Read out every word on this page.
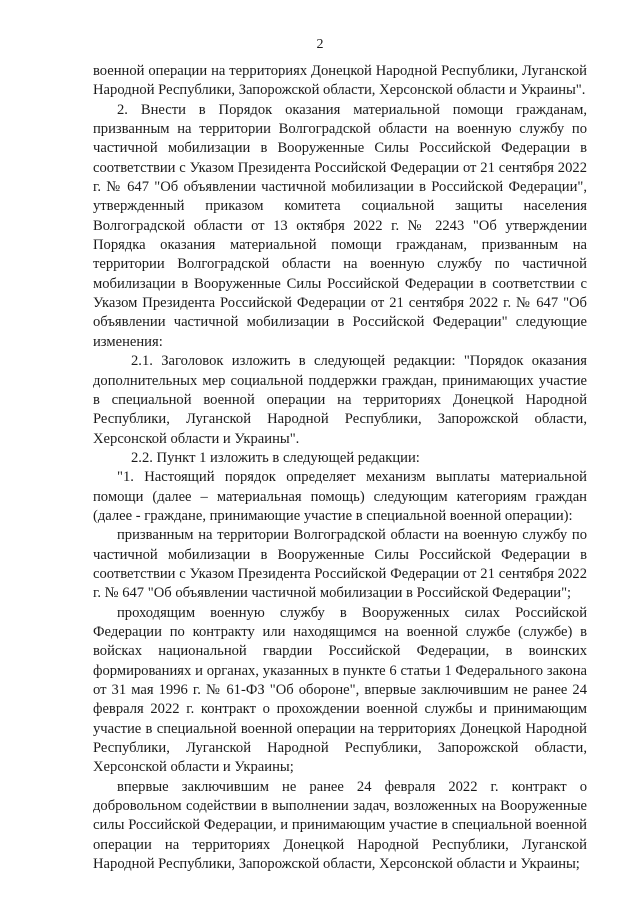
2

военной операции на территориях Донецкой Народной Республики, Луганской Народной Республики, Запорожской области, Херсонской области и Украины".

2. Внести в Порядок оказания материальной помощи гражданам, призванным на территории Волгоградской области на военную службу по частичной мобилизации в Вооруженные Силы Российской Федерации в соответствии с Указом Президента Российской Федерации от 21 сентября 2022 г. № 647 "Об объявлении частичной мобилизации в Российской Федерации", утвержденный приказом комитета социальной защиты населения Волгоградской области от 13 октября 2022 г. № 2243 "Об утверждении Порядка оказания материальной помощи гражданам, призванным на территории Волгоградской области на военную службу по частичной мобилизации в Вооруженные Силы Российской Федерации в соответствии с Указом Президента Российской Федерации от 21 сентября 2022 г. № 647 "Об объявлении частичной мобилизации в Российской Федерации" следующие изменения:

2.1. Заголовок изложить в следующей редакции: "Порядок оказания дополнительных мер социальной поддержки граждан, принимающих участие в специальной военной операции на территориях Донецкой Народной Республики, Луганской Народной Республики, Запорожской области, Херсонской области и Украины".

2.2. Пункт 1 изложить в следующей редакции:

"1. Настоящий порядок определяет механизм выплаты материальной помощи (далее – материальная помощь) следующим категориям граждан (далее - граждане, принимающие участие в специальной военной операции):

призванным на территории Волгоградской области на военную службу по частичной мобилизации в Вооруженные Силы Российской Федерации в соответствии с Указом Президента Российской Федерации от 21 сентября 2022 г. № 647 "Об объявлении частичной мобилизации в Российской Федерации";

проходящим военную службу в Вооруженных силах Российской Федерации по контракту или находящимся на военной службе (службе) в войсках национальной гвардии Российской Федерации, в воинских формированиях и органах, указанных в пункте 6 статьи 1 Федерального закона от 31 мая 1996 г. № 61-ФЗ "Об обороне", впервые заключившим не ранее 24 февраля 2022 г. контракт о прохождении военной службы и принимающим участие в специальной военной операции на территориях Донецкой Народной Республики, Луганской Народной Республики, Запорожской области, Херсонской области и Украины;

впервые заключившим не ранее 24 февраля 2022 г. контракт о добровольном содействии в выполнении задач, возложенных на Вооруженные силы Российской Федерации, и принимающим участие в специальной военной операции на территориях Донецкой Народной Республики, Луганской Народной Республики, Запорожской области, Херсонской области и Украины;
